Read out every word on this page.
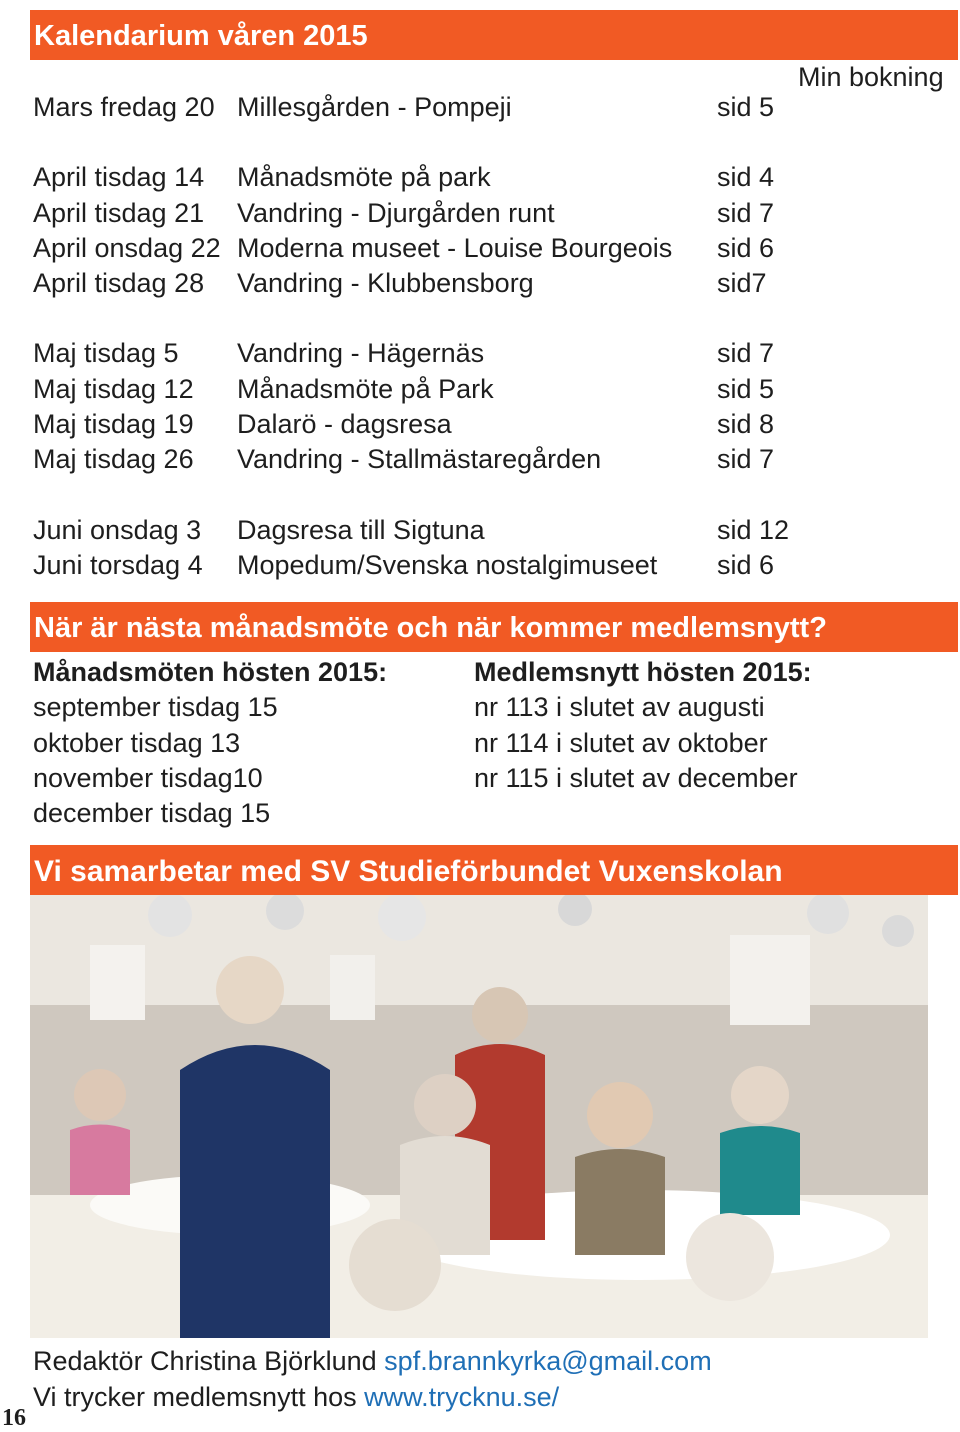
Kalendarium våren 2015
Min bokning
Mars fredag 20 Millesgården - Pompeji	sid 5
April tisdag 14 Månadsmöte på park	sid 4
April tisdag 21 Vandring - Djurgården runt	sid 7
April onsdag 22 Moderna museet - Louise Bourgeois sid 6
April tisdag 28 Vandring - Klubbensborg	sid7
Maj tisdag 5 Vandring - Hägernäs	sid 7
Maj tisdag 12 Månadsmöte på Park	sid 5
Maj tisdag 19 Dalarö - dagsresa	sid 8
Maj tisdag 26 Vandring - Stallmästaregården	sid 7
Juni onsdag 3 Dagsresa till Sigtuna	sid 12
Juni torsdag 4 Mopedum/Svenska nostalgimuseet sid 6
När är nästa månadsmöte och när kommer medlemsnytt?
Månadsmöten hösten 2015:
september tisdag 15
oktober tisdag 13
november tisdag10
december tisdag 15
Medlemsnytt hösten 2015:
nr 113 i slutet av augusti
nr 114 i slutet av oktober
nr 115 i slutet av december
Vi samarbetar med SV Studieförbundet Vuxenskolan
Redaktör Christina Björklund spf.brannkyrka@gmail.com
Vi trycker medlemsnytt hos www.trycknu.se/
16
